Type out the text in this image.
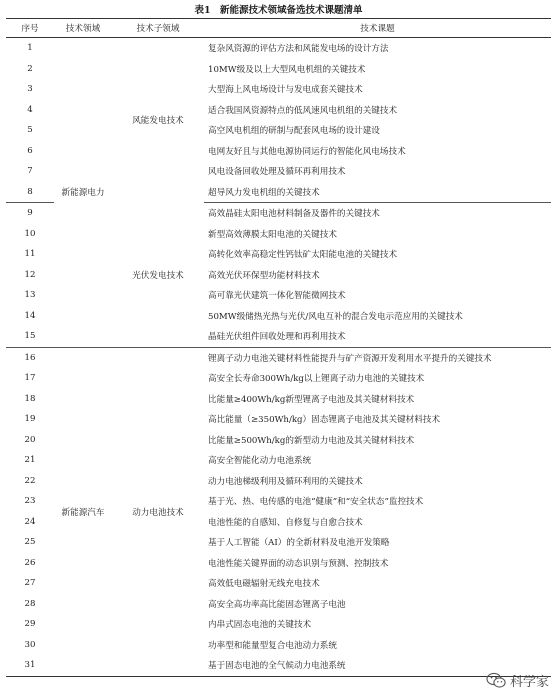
表1　新能源技术领域备选技术课题清单
序号	技术领域	技术子领域	技术课题
1	新能源电力	风能发电技术	复杂风资源的评估方法和风能发电场的设计方法
2			10MW级及以上大型风电机组的关键技术
3			大型海上风电场设计与发电成套关键技术
4			适合我国风资源特点的低风速风电机组的关键技术
5			高空风电机组的研制与配套风电场的设计建设
6			电网友好且与其他电源协同运行的智能化风电场技术
7			风电设备回收处理及循环再利用技术
8			超导风力发电机组的关键技术
9		光伏发电技术	高效晶硅太阳电池材料制备及器件的关键技术
10			新型高效薄膜太阳电池的关键技术
11			高转化效率高稳定性钙钛矿太阳能电池的关键技术
12			高效光伏环保型功能材料技术
13			高可靠光伏建筑一体化智能微网技术
14			50MW级储热光热与光伏/风电互补的混合发电示范应用的关键技术
15			晶硅光伏组件回收处理和再利用技术
16	新能源汽车	动力电池技术	锂离子动力电池关键材料性能提升与矿产资源开发利用水平提升的关键技术
17			高安全长寿命300Wh/kg以上锂离子动力电池的关键技术
18			比能量≥400Wh/kg新型锂离子电池及其关键材料技术
19			高比能量（≥350Wh/kg）固态锂离子电池及其关键材料技术
20			比能量≥500Wh/kg的新型动力电池及其关键材料技术
21			高安全智能化动力电池系统
22			动力电池梯级利用及循环利用的关键技术
23			基于光、热、电传感的电池“健康”和“安全状态”监控技术
24			电池性能的自感知、自修复与自愈合技术
25			基于人工智能（AI）的全新材料及电池开发策略
26			电池性能关键界面的动态识别与预测、控制技术
27			高效低电磁辐射无线充电技术
28			高安全高功率高比能固态锂离子电池
29			内串式固态电池的关键技术
30			功率型和能量型复合电池动力系统
31			基于固态电池的全气候动力电池系统
科学家
